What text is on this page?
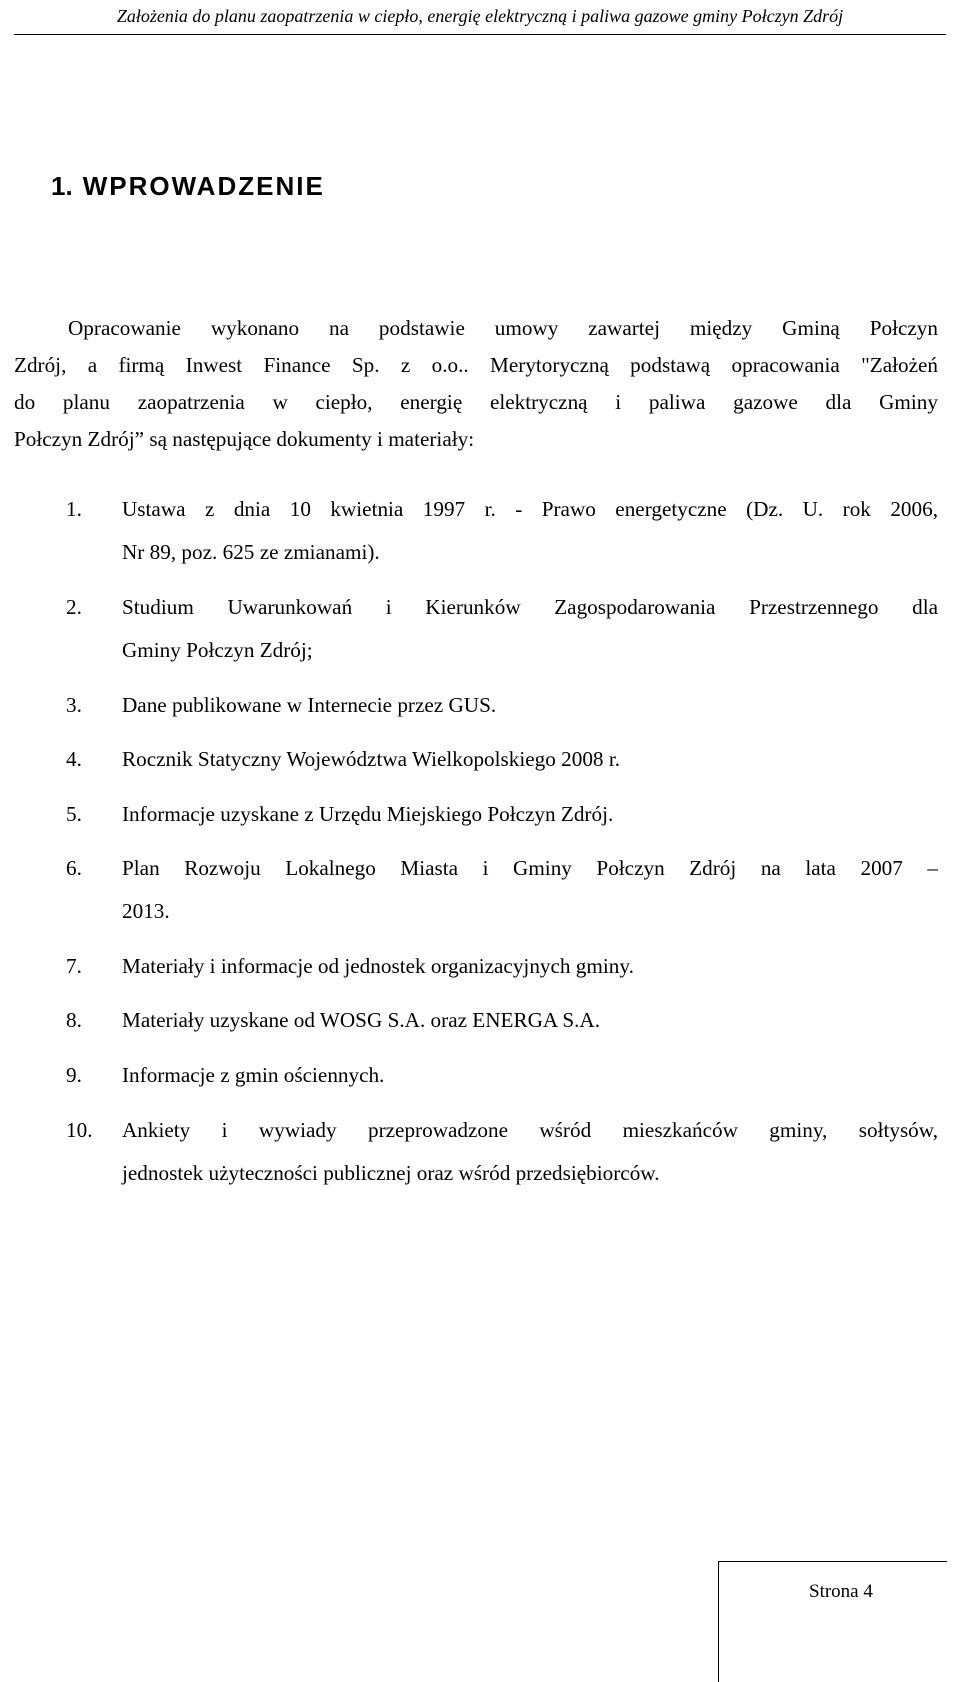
Założenia do planu zaopatrzenia w ciepło, energię elektryczną i paliwa gazowe gminy Połczyn Zdrój
1. WPROWADZENIE
Opracowanie wykonano na podstawie umowy zawartej między Gminą Połczyn
Zdrój, a firmą Inwest Finance Sp. z o.o.. Merytoryczną podstawą opracowania "Założeń
do planu zaopatrzenia w ciepło, energię elektryczną i paliwa gazowe dla Gminy
Połczyn Zdrój” są następujące dokumenty i materiały:
1. Ustawa z dnia 10 kwietnia 1997 r. - Prawo energetyczne (Dz. U. rok 2006,
Nr 89, poz. 625 ze zmianami).
2. Studium Uwarunkowań i Kierunków Zagospodarowania Przestrzennego dla
Gminy Połczyn Zdrój;
3. Dane publikowane w Internecie przez GUS.
4. Rocznik Statyczny Województwa Wielkopolskiego 2008 r.
5. Informacje uzyskane z Urzędu Miejskiego Połczyn Zdrój.
6. Plan Rozwoju Lokalnego Miasta i Gminy Połczyn Zdrój na lata 2007 –
2013.
7. Materiały i informacje od jednostek organizacyjnych gminy.
8. Materiały uzyskane od WOSG S.A. oraz ENERGA S.A.
9. Informacje z gmin ościennych.
10. Ankiety i wywiady przeprowadzone wśród mieszkańców gminy, sołtysów,
jednostek użyteczności publicznej oraz wśród przedsiębiorców.
Strona 4
